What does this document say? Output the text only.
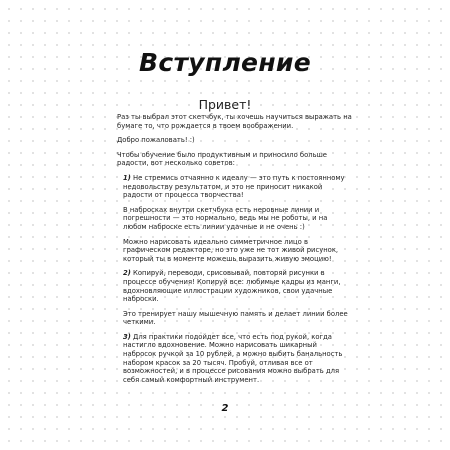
Вступление
Привет!

Раз ты выбрал этот скетчбук, ты хочешь научиться выражать на бумаге то, что рождается в твоем воображении.

Добро пожаловать! :)

Чтобы обучение было продуктивным и приносило больше радости, вот несколько советов:

1) Не стремись отчаянно к идеалу — это путь к постоянному недовольству результатом, и это не приносит никакой радости от процесса творчества!

В набросках внутри скетчбука есть неровные линии и погрешности — это нормально, ведь мы не роботы, и на любом наброске есть линии удачные и не очень :)

Можно нарисовать идеально симметричное лицо в графическом редакторе, но это уже не тот живой рисунок, который ты в моменте можешь выразить живую эмоцию!

2) Копируй, переводи, срисовывай, повторяй рисунки в процессе обучения! Копируй все: любимые кадры из манги, вдохновляющие иллюстрации художников, свои удачные наброски.

Это тренирует нашу мышечную память и делает линии более четкими.

3) Для практики подойдет все, что есть под рукой, когда настигло вдохновение. Можно нарисовать шикарный набросок ручкой за 10 рублей, а можно выбить банальность набором красок за 20 тысяч. Пробуй, отливая все от возможностей, и в процессе рисования можно выбрать для себя самый комфортный инструмент.

2
